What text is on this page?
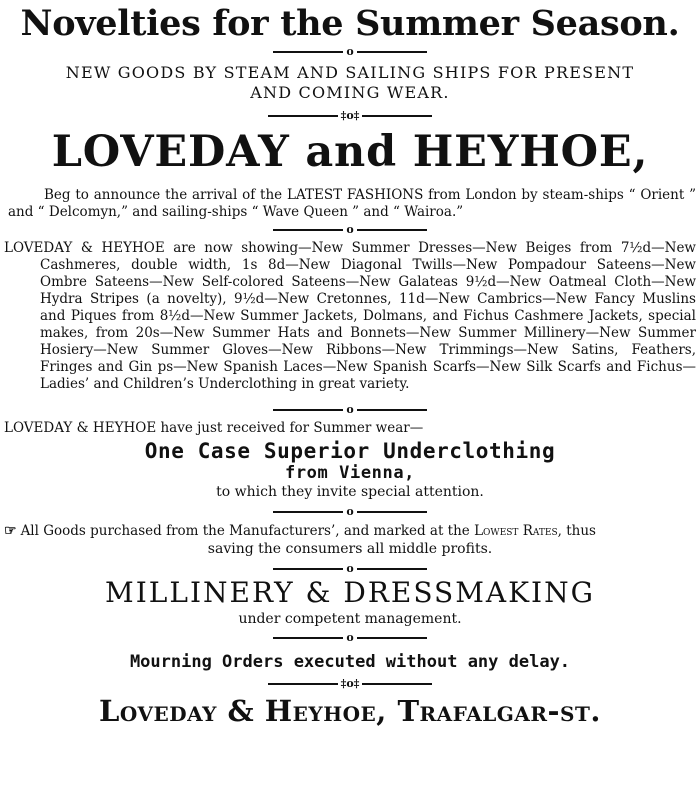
Novelties for the Summer Season.
o

NEW GOODS BY STEAM AND SAILING SHIPS FOR PRESENT

AND COMING WEAR.

‡o‡
LOVEDAY and HEYHOE,

Beg to announce the arrival of the LATEST FASHIONS from London by steam-ships “ Orient ” and “ Delcomyn,” and sailing-ships “ Wave Queen ” and “ Wairoa.”

o

LOVEDAY & HEYHOE are now showing—New Summer Dresses—New Beiges from 7½d—New Cashmeres, double width, 1s 8d—New Diagonal Twills—New Pompadour Sateens—New Ombre Sateens—New Self-colored Sateens—New Galateas 9½d—New Oatmeal Cloth—New Hydra Stripes (a novelty), 9½d—New Cretonnes, 11d—New Cambrics—New Fancy Muslins and Piques from 8½d—New Summer Jackets, Dolmans, and Fichus Cashmere Jackets, special makes, from 20s—New Summer Hats and Bonnets—New Summer Millinery—New Summer Hosiery—New Summer Gloves—New Ribbons—New Trimmings—New Satins, Feathers, Fringes and Gin ps—New Spanish Laces—New Spanish Scarfs—New Silk Scarfs and Fichus—Ladies’ and Children’s Underclothing in great variety.

o

LOVEDAY & HEYHOE have just received for Summer wear—

One Case Superior Underclothing

from Vienna,

to which they invite special attention.

o

☞ All Goods purchased from the Manufacturers’, and marked at the Lowest Rates, thus

saving the consumers all middle profits.

o

MILLINERY & DRESSMAKING

under competent management.

o

Mourning Orders executed without any delay.

‡o‡

Loveday & Heyhoe, Trafalgar-st.
